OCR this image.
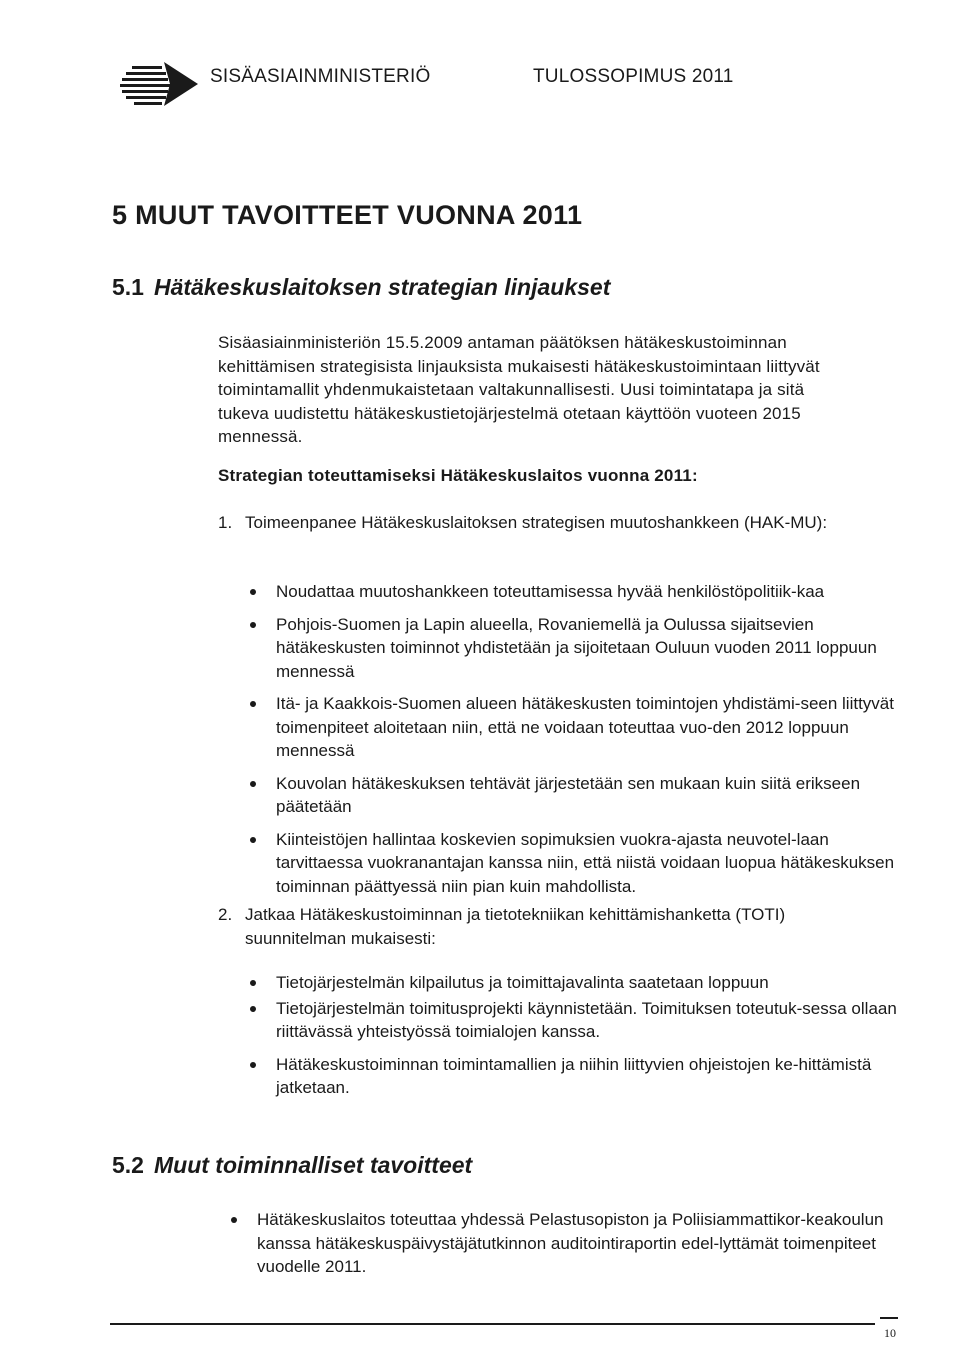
SISÄASIAINMINISTERIÖ	TULOSSOPIMUS 2011
5 MUUT TAVOITTEET VUONNA 2011
5.1 Hätäkeskuslaitoksen strategian linjaukset

Sisäasiainministeriön 15.5.2009 antaman päätöksen hätäkeskustoiminnan

kehittämisen strategisista linjauksista mukaisesti hätäkeskustoimintaan liittyvät

toimintamallit yhdenmukaistetaan valtakunnallisesti. Uusi toimintatapa ja sitä

tukeva uudistettu hätäkeskustietojärjestelmä otetaan käyttöön vuoteen 2015

mennessä.

Strategian toteuttamiseksi Hätäkeskuslaitos vuonna 2011:
1. Toimeenpanee Hätäkeskuslaitoksen strategisen muutoshankkeen (HAK-MU):
Noudattaa muutoshankkeen toteuttamisessa hyvää henkilöstöpolitiik-kaa
Pohjois-Suomen ja Lapin alueella, Rovaniemellä ja Oulussa sijaitsevien hätäkeskusten toiminnot yhdistetään ja sijoitetaan Ouluun vuoden 2011 loppuun mennessä
Itä- ja Kaakkois-Suomen alueen hätäkeskusten toimintojen yhdistämi-seen liittyvät toimenpiteet aloitetaan niin, että ne voidaan toteuttaa vuo-den 2012 loppuun mennessä
Kouvolan hätäkeskuksen tehtävät järjestetään sen mukaan kuin siitä erikseen päätetään
Kiinteistöjen hallintaa koskevien sopimuksien vuokra-ajasta neuvotel-laan tarvittaessa vuokranantajan kanssa niin, että niistä voidaan luopua hätäkeskuksen toiminnan päättyessä niin pian kuin mahdollista.
2. Jatkaa Hätäkeskustoiminnan ja tietotekniikan kehittämishanketta (TOTI) suunnitelman mukaisesti:
Tietojärjestelmän kilpailutus ja toimittajavalinta saatetaan loppuun
Tietojärjestelmän toimitusprojekti käynnistetään. Toimituksen toteutuk-sessa ollaan riittävässä yhteistyössä toimialojen kanssa.
Hätäkeskustoiminnan toimintamallien ja niihin liittyvien ohjeistojen ke-hittämistä jatketaan.
5.2 Muut toiminnalliset tavoitteet
Hätäkeskuslaitos toteuttaa yhdessä Pelastusopiston ja Poliisiammattikor-keakoulun kanssa hätäkeskuspäivystäjätutkinnon auditointiraportin edel-lyttämät toimenpiteet vuodelle 2011.
10
